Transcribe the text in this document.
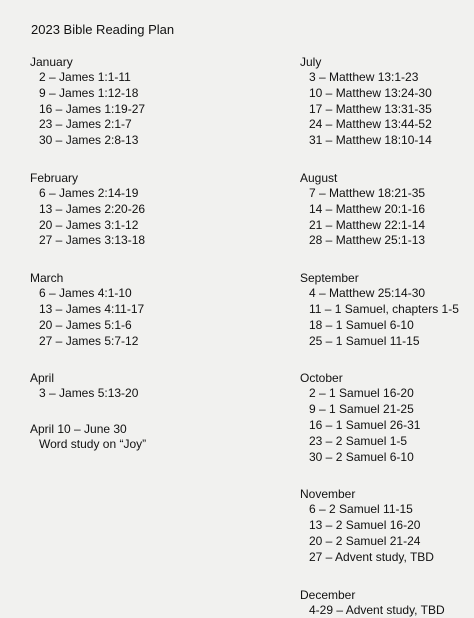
2023 Bible Reading Plan
January
2 – James 1:1-11
9 – James 1:12-18
16 – James 1:19-27
23 – James 2:1-7
30 – James 2:8-13
February
6 – James 2:14-19
13 – James 2:20-26
20 – James 3:1-12
27 – James 3:13-18
March
6 – James 4:1-10
13 – James 4:11-17
20 – James 5:1-6
27 – James 5:7-12
April
3 – James 5:13-20
April 10 – June 30
Word study on “Joy”
July
3 – Matthew 13:1-23
10 – Matthew 13:24-30
17 – Matthew 13:31-35
24 – Matthew 13:44-52
31 – Matthew 18:10-14
August
7 – Matthew 18:21-35
14 – Matthew 20:1-16
21 – Matthew 22:1-14
28 – Matthew 25:1-13
September
4 – Matthew 25:14-30
11 – 1 Samuel, chapters 1-5
18 – 1 Samuel 6-10
25 – 1 Samuel 11-15
October
2 – 1 Samuel 16-20
9 – 1 Samuel 21-25
16 – 1 Samuel 26-31
23 – 2 Samuel 1-5
30 – 2 Samuel 6-10
November
6 – 2 Samuel 11-15
13 – 2 Samuel 16-20
20 – 2 Samuel 21-24
27 – Advent study, TBD
December
4-29 – Advent study, TBD
